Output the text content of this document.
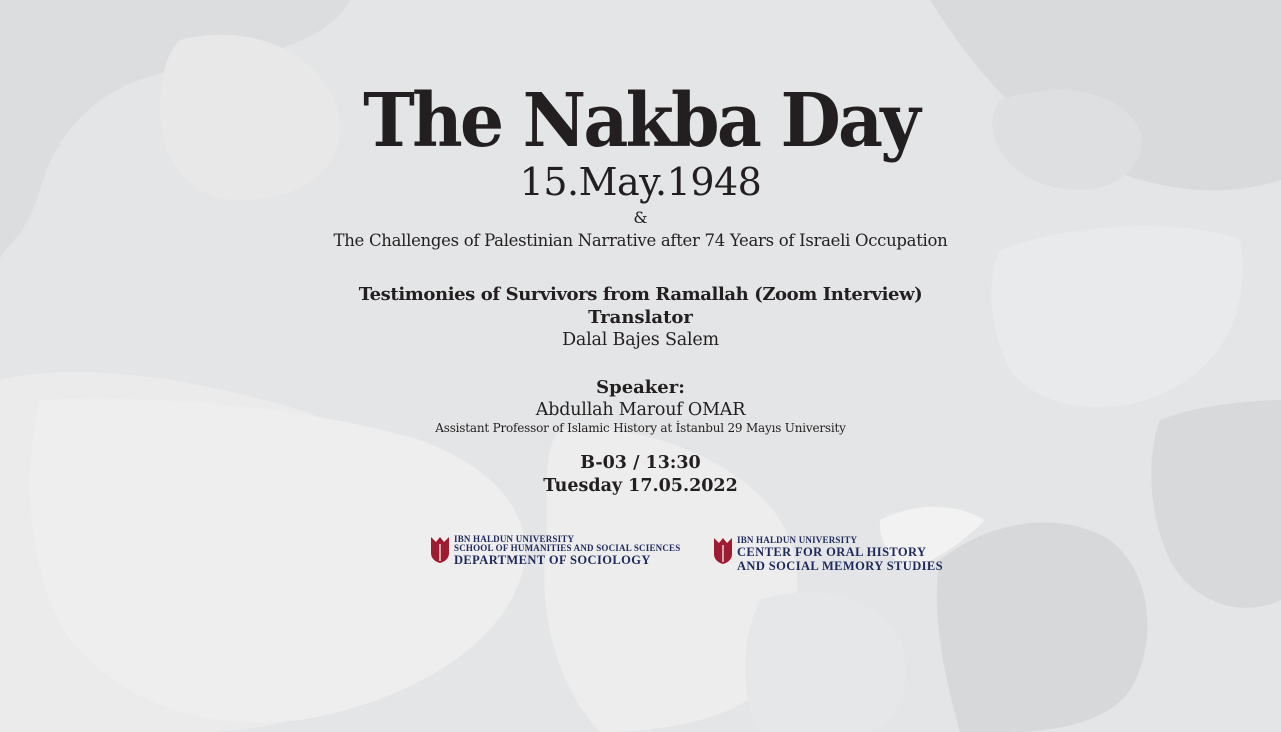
The Nakba Day
15.May.1948
&
The Challenges of Palestinian Narrative after 74 Years of Israeli Occupation
Testimonies of Survivors from Ramallah (Zoom Interview)
Translator
Dalal Bajes Salem
Speaker:
Abdullah Marouf OMAR
Assistant Professor of Islamic History at İstanbul 29 Mayıs University
B-03 / 13:30
Tuesday 17.05.2022
IBN HALDUN UNIVERSITY
SCHOOL OF HUMANITIES AND SOCIAL SCIENCES
DEPARTMENT OF SOCIOLOGY
IBN HALDUN UNIVERSITY
CENTER FOR ORAL HISTORY
AND SOCIAL MEMORY STUDIES
